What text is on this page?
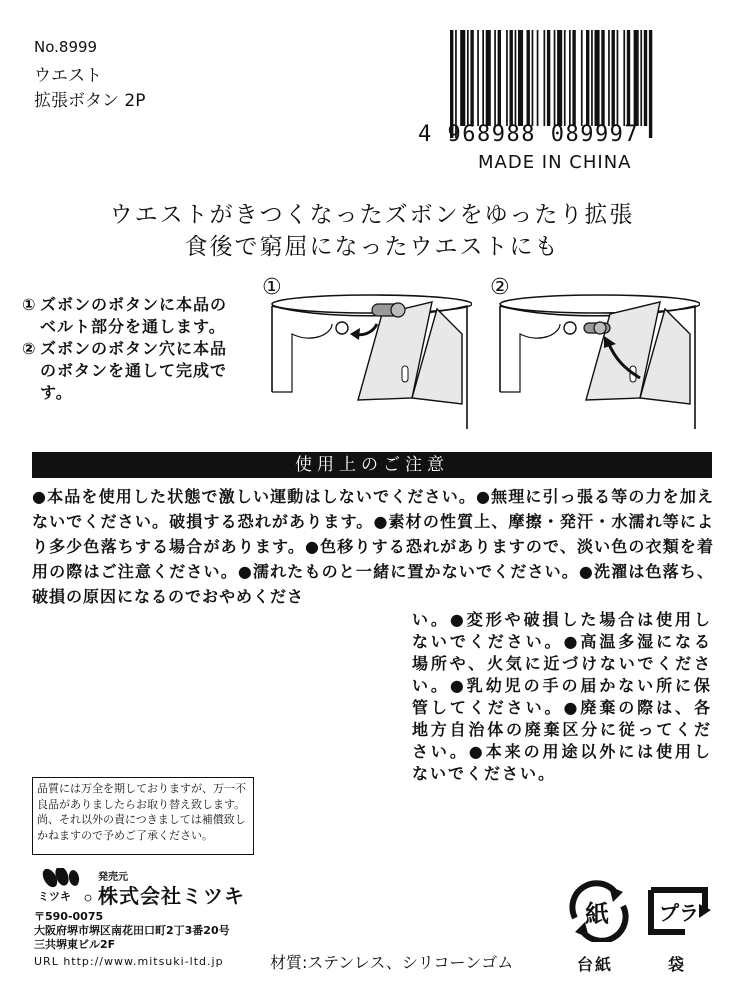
No.8999
ウエスト
拡張ボタン 2P
4 968988 089997
MADE IN CHINA
ウエストがきつくなったズボンをゆったり拡張
食後で窮屈になったウエストにも
① ズボンのボタンに本品のベルト部分を通します。
② ズボンのボタン穴に本品のボタンを通して完成です。
①	②
使用上のご注意
●本品を使用した状態で激しい運動はしないでください。●無理に引っ張る等の力を加えないでください。破損する恐れがあります。●素材の性質上、摩擦・発汗・水濡れ等により多少色落ちする場合があります。●色移りする恐れがありますので、淡い色の衣類を着用の際はご注意ください。●濡れたものと一緒に置かないでください。●洗濯は色落ち、破損の原因になるのでおやめくださ
い。●変形や破損した場合は使用しないでください。●高温多湿になる場所や、火気に近づけないでください。●乳幼児の手の届かない所に保管してください。●廃棄の際は、各地方自治体の廃棄区分に従ってください。●本来の用途以外には使用しないでください。
品質には万全を期しておりますが、万一不良品がありましたらお取り替え致します。尚、それ以外の責につきましては補償致しかねますので予めご了承ください。
ミツキ
発売元
株式会社ミツキ
〒590-0075
大阪府堺市堺区南花田口町2丁3番20号
三共堺東ビル2F
URL http://www.mitsuki-ltd.jp	材質:ステンレス、シリコーンゴム
紙	プラ
台紙	袋
